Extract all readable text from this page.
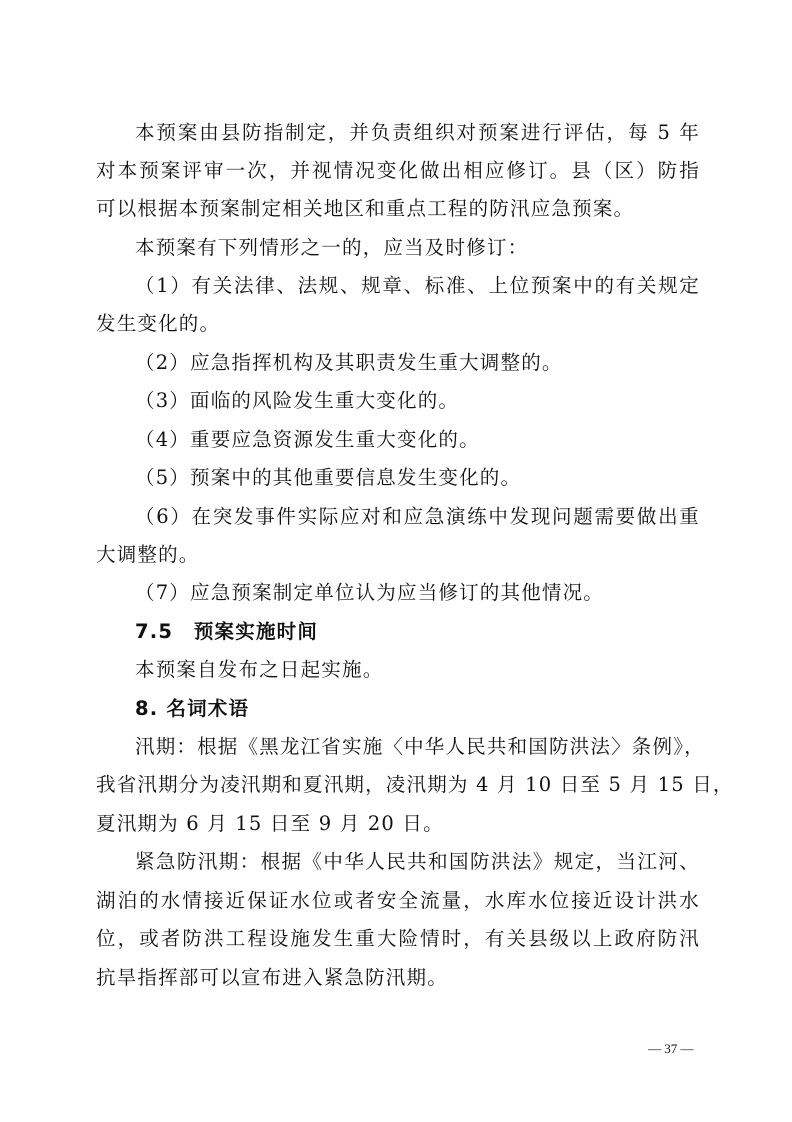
本预案由县防指制定，并负责组织对预案进行评估，每 5 年
对本预案评审一次，并视情况变化做出相应修订。县（区）防指
可以根据本预案制定相关地区和重点工程的防汛应急预案。
本预案有下列情形之一的，应当及时修订：
（1）有关法律、法规、规章、标准、上位预案中的有关规定
发生变化的。
（2）应急指挥机构及其职责发生重大调整的。
（3）面临的风险发生重大变化的。
（4）重要应急资源发生重大变化的。
（5）预案中的其他重要信息发生变化的。
（6）在突发事件实际应对和应急演练中发现问题需要做出重
大调整的。
（7）应急预案制定单位认为应当修订的其他情况。
7.5　预案实施时间
本预案自发布之日起实施。
8. 名词术语
汛期：根据《黑龙江省实施〈中华人民共和国防洪法〉条例》，
我省汛期分为凌汛期和夏汛期，凌汛期为 4 月 10 日至 5 月 15 日，
夏汛期为 6 月 15 日至 9 月 20 日。
紧急防汛期：根据《中华人民共和国防洪法》规定，当江河、
湖泊的水情接近保证水位或者安全流量，水库水位接近设计洪水
位，或者防洪工程设施发生重大险情时，有关县级以上政府防汛
抗旱指挥部可以宣布进入紧急防汛期。
— 37 —
